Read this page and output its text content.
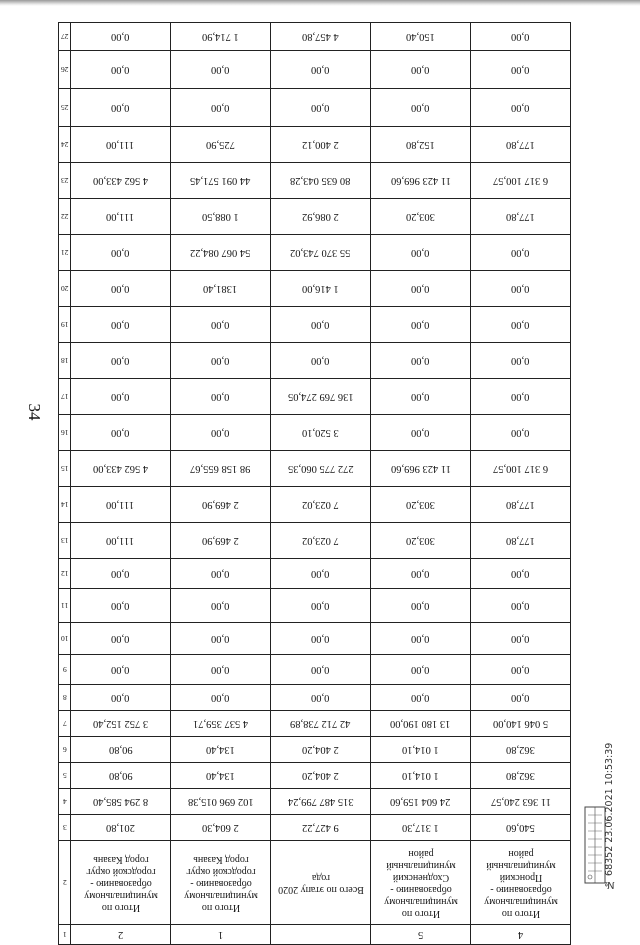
34
27	0,00	1 714,90	4 457,80	150,40	0,00
26	0,00	0,00	0,00	0,00	0,00
25	0,00	0,00	0,00	0,00	0,00
24	111,00	725,90	2 400,12	152,80	177,80
23	4 562 433,00	44 091 571,45	80 635 043,28	11 423 969,60	6 317 100,57
22	111,00	1 088,50	2 086,92	303,20	177,80
21	0,00	54 067 084,22	55 370 743,02	0,00	0,00
20	0,00	1381,40	1 416,00	0,00	0,00
19	0,00	0,00	0,00	0,00	0,00
18	0,00	0,00	0,00	0,00	0,00
17	0,00	0,00	136 769 274,05	0,00	0,00
16	0,00	0,00	3 520,10	0,00	0,00
15	4 562 433,00	98 158 655,67	272 775 060,35	11 423 969,60	6 317 100,57
14	111,00	2 469,90	7 023,02	303,20	177,80
13	111,00	2 469,90	7 023,02	303,20	177,80
12	0,00	0,00	0,00	0,00	0,00
11	0,00	0,00	0,00	0,00	0,00
10	0,00	0,00	0,00	0,00	0,00
9	0,00	0,00	0,00	0,00	0,00
8	0,00	0,00	0,00	0,00	0,00
7	3 752 152,40	4 537 359,71	42 712 738,89	13 180 190,00	5 046 140,00
6	90,80	134,40	2 404,20	1 014,10	362,80
5	90,80	134,40	2 404,20	1 014,10	362,80
4	8 294 585,40	102 696 015,38	315 487 799,24	24 604 159,60	11 363 240,57
3	201,80	2 604,30	9 427,22	1 317,30	540,60
2	Итого по муниципальному образованию - городской округ город Казань	Итого по муниципальному образованию - городской округ город Казань	Всего по этапу 2020 года	Итого по муниципальному образованию - Сходненский муниципальный район	Итого по муниципальному образованию - Пронский муниципальный район
1	2	1		5	4
№ 68352 23.06.2021 10:53:39
